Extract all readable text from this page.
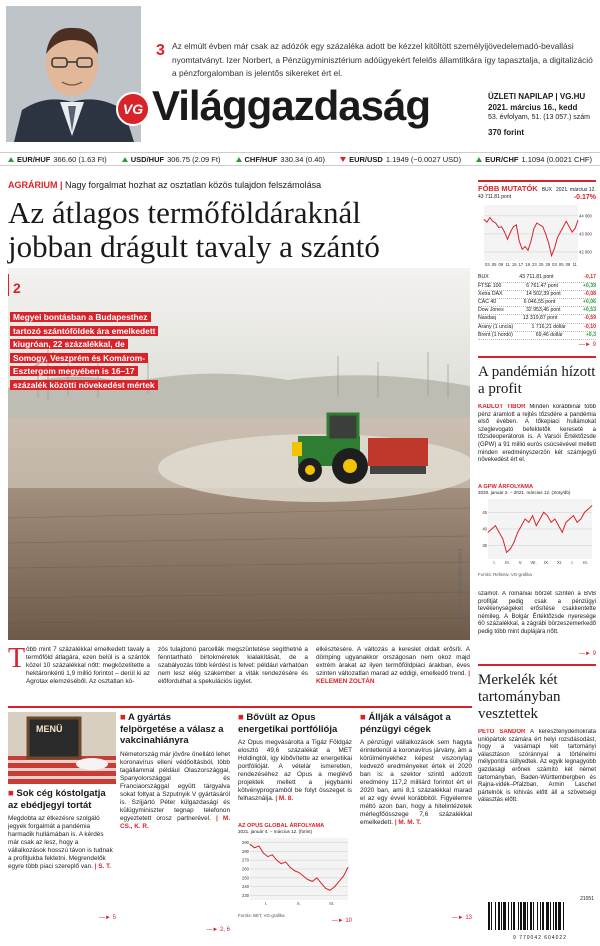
VG
3 Az elmúlt évben már csak az adózók egy százaléka adott be kézzel kitöltött személyijövedelemadó-bevallási nyomtatványt. Izer Norbert, a Pénzügyminisztérium adóügyekért felelős államtitkára így tapasztalja, a digitalizáció a pénzforgalomban is jelentős sikereket ért el.
Világgazdaság	ÜZLETI NAPILAP | VG.HU
2021. március 16., kedd
53. évfolyam, 51. (13 057.) szám
370 forint
EUR/HUF 366.60 (1.63 Ft)	USD/HUF 306.75 (2.09 Ft)	CHF/HUF 330.34 (0.40)	EUR/USD 1.1949 (−0.0027 USD)	EUR/CHF 1.1094 (0.0021 CHF)
AGRÁRIUM | Nagy forgalmat hozhat az osztatlan közös tulajdon felszámolása
Az átlagos termőföldáraknál
jobban drágult tavaly a szántó
2
Megyei bontásban a Budapesthez
tartozó szántóföldek ára emelkedett
kiugróan, 22 százalékkal, de
Somogy, Veszprém és Komárom-
Esztergom megyében is 16–17
százalék közötti növekedést mértek
FOTÓ: MTI – SZIGETVÁRY ZSOLT
T öbb mint 7 százalékkal emelkedett tavaly a termőföld átlagára, ezen belül is a szántók közel 10 százalékkal nőtt: megközelítette a hektáronkénti 1,9 millió forintot – derül ki az Agrotax elemzéséből. Az osztatlan kö-
zös tulajdonú parcellák megszüntetése segíthetné a fenntartható birtokméretek kialakítását, de a szabályozás több kérdést is felvet: például várhatóan nem lesz elég szakember a viták rendezésére és előfordulhat a spekulációs ügylet.
elkésztésére. A változás a kereslet oldalt erősíti. A dömping ugyanakkor országosan nem okoz majd extrém árakat az ilyen termőföldpiaci árakban, éves szinten változatlan marad az eddigi, emelkedő trend. | KELEMEN ZOLTÁN
FŐBB MUTATÓK BUX 2021. március 12.
43 711.81 pont	-0.17%
44 000
43 000
42 000
03 05 09 11 15 17 19 23 25 29 03 05 09 11
BUX	43 711.81 pont	-0,17
FTSE 100	6 761.47 pont	+0,39
Xetra DAX	14 502,39 pont	-0,08
CAC 40	6 046,55 pont	+0,06
Dow Jones	32 953,46 pont	+0,53
Nasdaq	13 319,87 pont	-0,59
Arany (1 uncia)	1 716,21 dollár	-0,10
Brent (1 hordó)	69,46 dollár	+0,3
—► 9
A pandémián hízott a profit
KADLÓT TIBOR Minden korábbinál több pénz áramlott a rejtés tőzsdére a pandémia első évében. A tőkepiaci hullámokat szeglevogató befektetők kereseté a tőzsdeoperátorok is. A Varsói Értéktőzsde (GPW) a 91 millió eurós csúcsévével mellett minden eredményszerzön két számjegyű növekedést ért el.
A GPW ÁRFOLYAMA
2020. január 2. – 2021. március 12. (zloty/db)
45
40
35
I. III. V. VII. IX. XI. I. III.
Forrás: Refinitiv, VG-grafika
számot. A romániai bőrzét szintén a BVB profitját pedig csak a pénzügyi tevékenységeket erősítése csakkentette némileg. A Bolgár Értéktőzsde nyeresége 60 százalékkal, a zágrábi börzeszemerkedő pedig több mint duplájára nőtt.
—► 9
Merkelék két tartományban vesztettek
PETŐ SÁNDOR A kereszténydemokrata uniópártok számára ért helyi rozsdásodást, hogy a vasárnapi két tartományi választáson szóránnyal a történelmi mélypontra süllyedtek. Az egyik legnagyobb gazdasági erőnek számító két német tartományban, Baden-Württembergben és Rajna-vidék–Pfalzban, Armin Laschet pártelnök is kihívás előtt áll a szövetségi választás előtt.
21051
9 770042 604022
MENÜ
■ Sok cég kóstolgatja az ebédjegyi tortát
Megdobta az étkezésre szolgáló jegyek forgalmát a pandémia harmadik hullámában is. A kérdés már csak az lesz, hogy a vállalkozások hosszú távon is tudnak a profitjukba fektetni. Megrendelők egyre több piaci szereplő van. | S. T.
—► 5
■ A gyártás felpörgetése a válasz a vakcinahiányra
Németország már jövőre önellátó lehet koronavírus elleni védőoltásból, több tagállammal például Olaszországgal, Spanyolországgal és Franciaországgal együtt tárgyalva sokat foltyat a Szputnyik V gyártásáról is. Szíjjártó Péter külgazdasági és külügyminiszter tegnap telefonon egyeztetett orosz partnerével. | M. CS., K. R.
—► 2, 6
■ Bővült az Opus energetikai portfóliója
Az Opus megvásárolta a Tigáz Földgáz elosztó 49,6 százalékát a MET Holdingtól, így kibővítette az energetikai portfólióját. A vételár ismeretlen, rendezéséhez az Opus a meglévő projektek mellett a jegybanki kötvényprogramból be folyt összeget is felhasználja. | M. 8.
AZ OPUS GLOBAL ÁRFOLYAMA
2021. január 4. – március 12. (forint)
290
280
270
260
250
240
230
I.	II.	III.
Forrás: BÉT, VG-grafika
—► 10
■ Állják a válságot a pénzügyi cégek
A pénzügyi vállalkozások sem hagyta érintetlenül a koronavírus járvány, ám a körülményekhez képest viszonylag kedvező eredményeket értek el 2020 ban is: a szektor szintű adózott eredmény 117,2 milliárd forintot ért el 2020 ban, ami 8,1 százalékkal marad el az egy évvel korábbitól. Figyelemre méltó azon ban, hogy a hitelintézetek mérlegfőösszege 7,6 százalékkal emelkedett. | M. M. T.
—► 13
